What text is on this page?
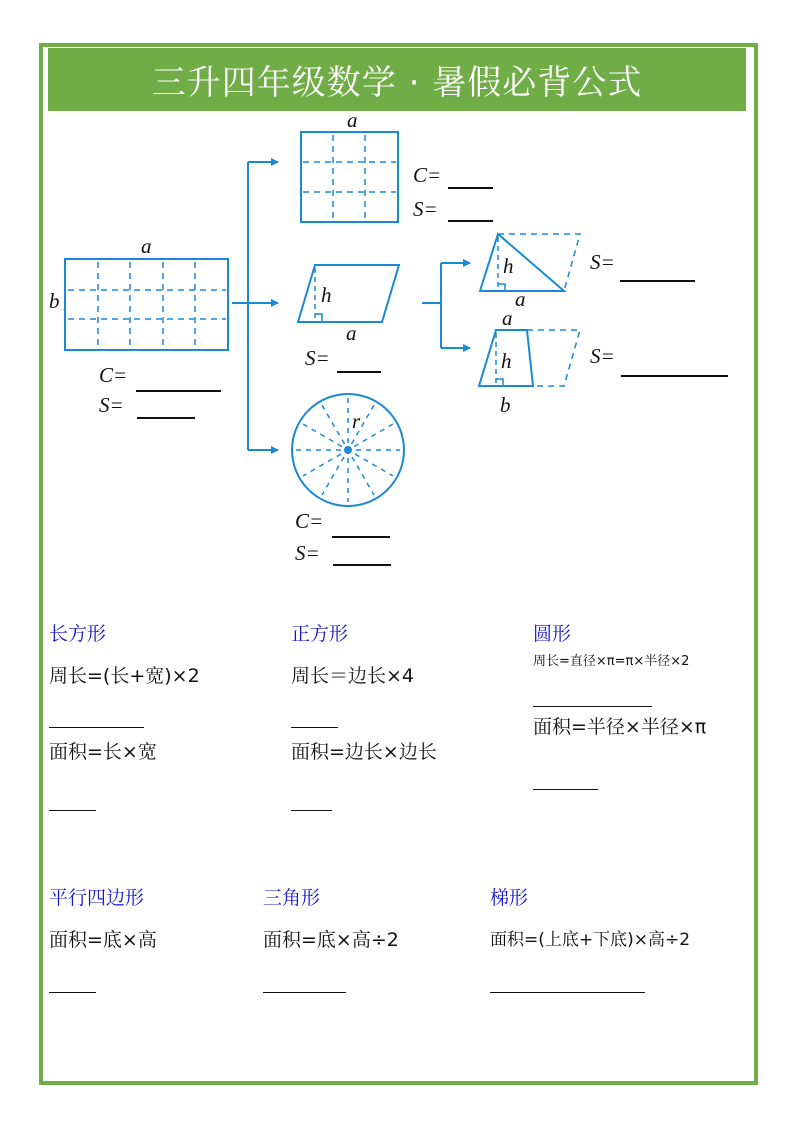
三升四年级数学 · 暑假必背公式
a
b
C=
S=
a
C=
S=
h
a
S=
h
a
S=
a
h
b
S=
r
C=
S=
长方形
周长=(长+宽)×2
面积=长×宽
正方形
周长＝边长×4
面积=边长×边长
圆形
周长=直径×π=π×半径×2
面积=半径×半径×π
平行四边形
面积=底×高
三角形
面积=底×高÷2
梯形
面积=(上底+下底)×高÷2
